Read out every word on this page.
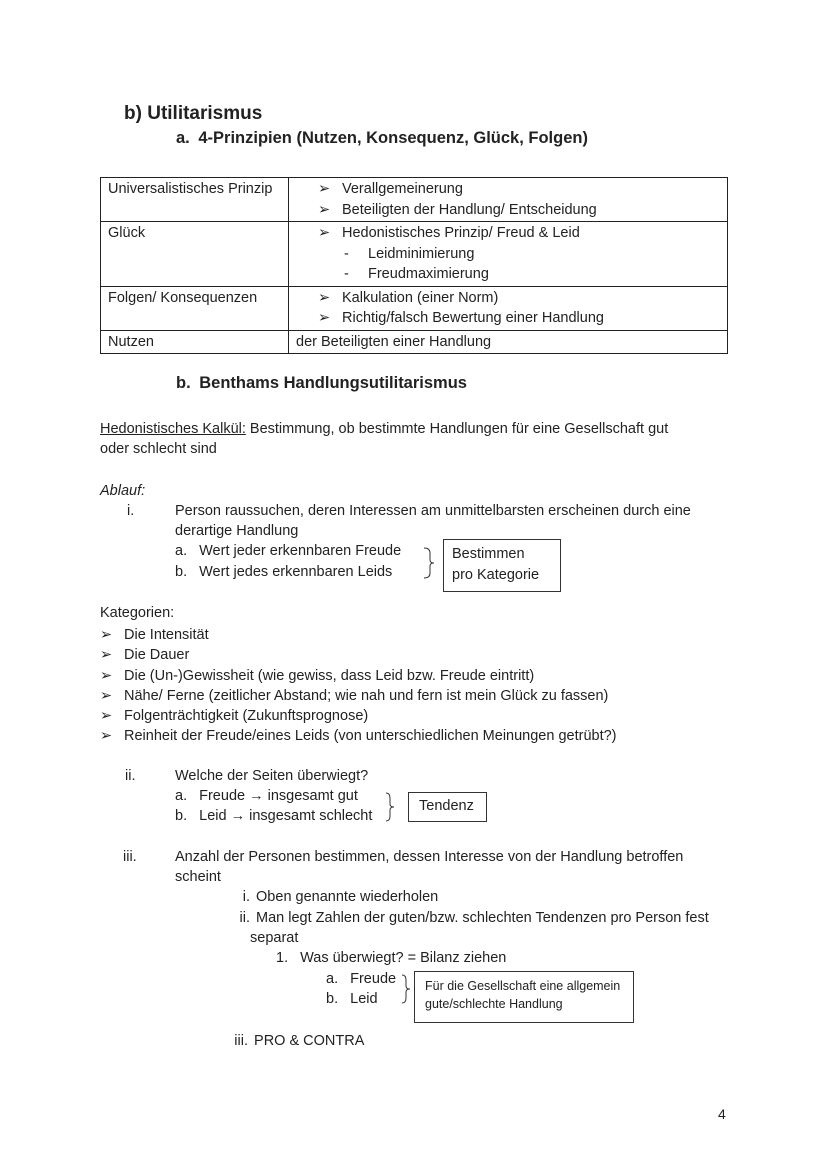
b) Utilitarismus
a. 4-Prinzipien (Nutzen, Konsequenz, Glück, Folgen)
Universalistisches Prinzip	➢ Verallgemeinerung
➢ Beteiligten der Handlung/ Entscheidung

Glück	➢ Hedonistisches Prinzip/ Freud & Leid
- Leidminimierung
- Freudmaximierung

Folgen/ Konsequenzen	➢ Kalkulation (einer Norm)
➢ Richtig/falsch Bewertung einer Handlung

Nutzen	der Beteiligten einer Handlung
b. Benthams Handlungsutilitarismus
Hedonistisches Kalkül: Bestimmung, ob bestimmte Handlungen für eine Gesellschaft gut
oder schlecht sind
Ablauf:
i.	Person raussuchen, deren Interessen am unmittelbarsten erscheinen durch eine
derartige Handlung
a. Wert jeder erkennbaren Freude
b. Wert jedes erkennbaren Leids
Bestimmen
pro Kategorie
Kategorien:
➢ Die Intensität
➢ Die Dauer
➢ Die (Un-)Gewissheit (wie gewiss, dass Leid bzw. Freude eintritt)
➢ Nähe/ Ferne (zeitlicher Abstand; wie nah und fern ist mein Glück zu fassen)
➢ Folgenträchtigkeit (Zukunftsprognose)
➢ Reinheit der Freude/eines Leids (von unterschiedlichen Meinungen getrübt?)
ii.	Welche der Seiten überwiegt?
a. Freude → insgesamt gut
b. Leid → insgesamt schlecht
Tendenz
iii.	Anzahl der Personen bestimmen, dessen Interesse von der Handlung betroffen
scheint
i. Oben genannte wiederholen
ii. Man legt Zahlen der guten/bzw. schlechten Tendenzen pro Person fest
separat
1. Was überwiegt? = Bilanz ziehen
a. Freude
b. Leid
Für die Gesellschaft eine allgemein
gute/schlechte Handlung
iii. PRO & CONTRA
4
